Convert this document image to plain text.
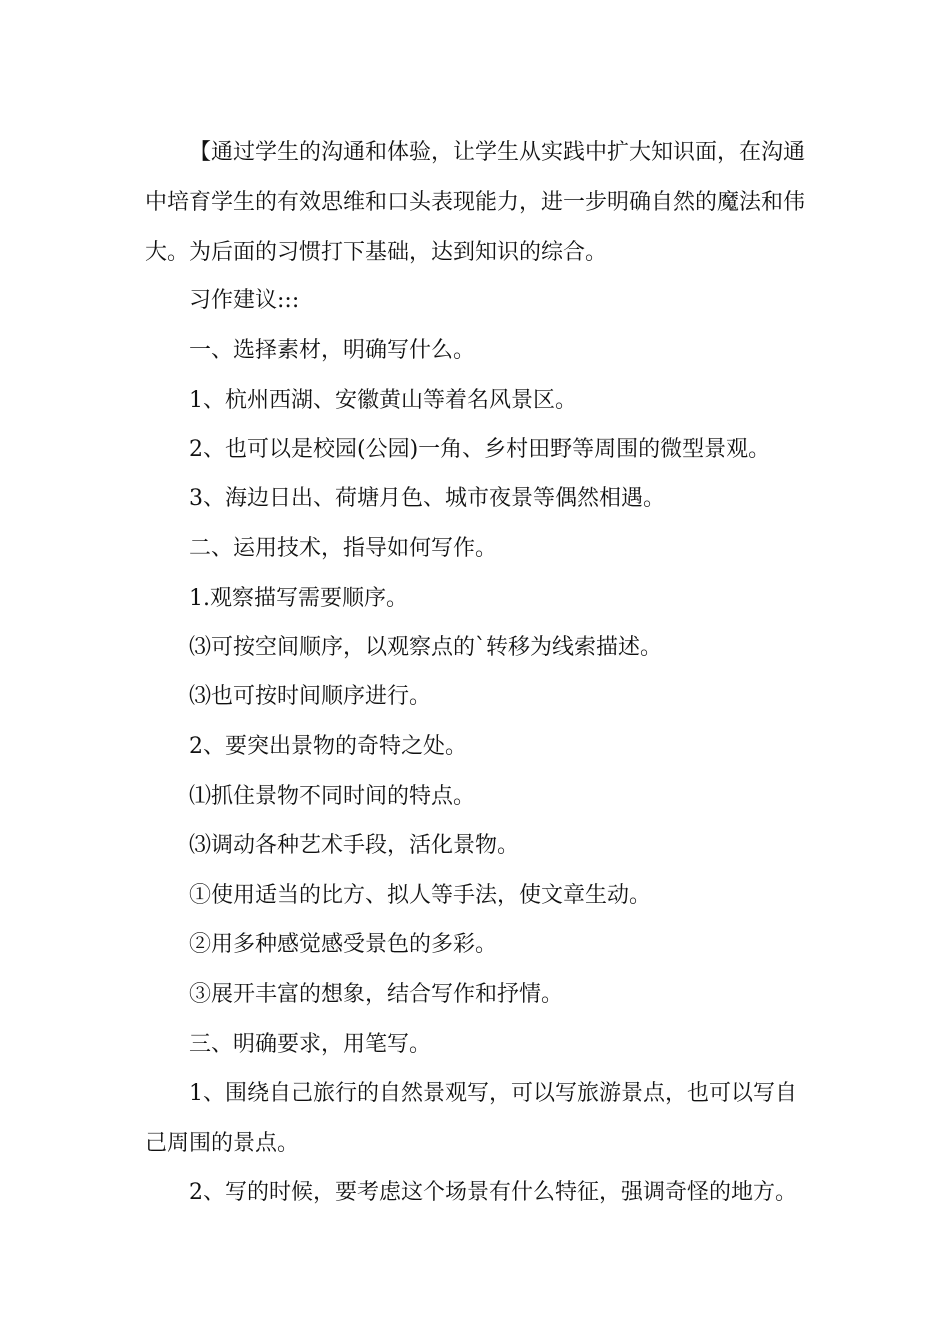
【通过学生的沟通和体验，让学生从实践中扩大知识面，在沟通中培育学生的有效思维和口头表现能力，进一步明确自然的魔法和伟大。为后面的习惯打下基础，达到知识的综合。

习作建议:::

一、选择素材，明确写什么。

1、杭州西湖、安徽黄山等着名风景区。

2、也可以是校园(公园)一角、乡村田野等周围的微型景观。

3、海边日出、荷塘月色、城市夜景等偶然相遇。

二、运用技术，指导如何写作。

1.观察描写需要顺序。

⑶可按空间顺序，以观察点的`转移为线索描述。

⑶也可按时间顺序进行。

2、要突出景物的奇特之处。

⑴抓住景物不同时间的特点。

⑶调动各种艺术手段，活化景物。

①使用适当的比方、拟人等手法，使文章生动。

②用多种感觉感受景色的多彩。

③展开丰富的想象，结合写作和抒情。

三、明确要求，用笔写。

1、围绕自己旅行的自然景观写，可以写旅游景点，也可以写自己周围的景点。

2、写的时候，要考虑这个场景有什么特征，强调奇怪的地方。
